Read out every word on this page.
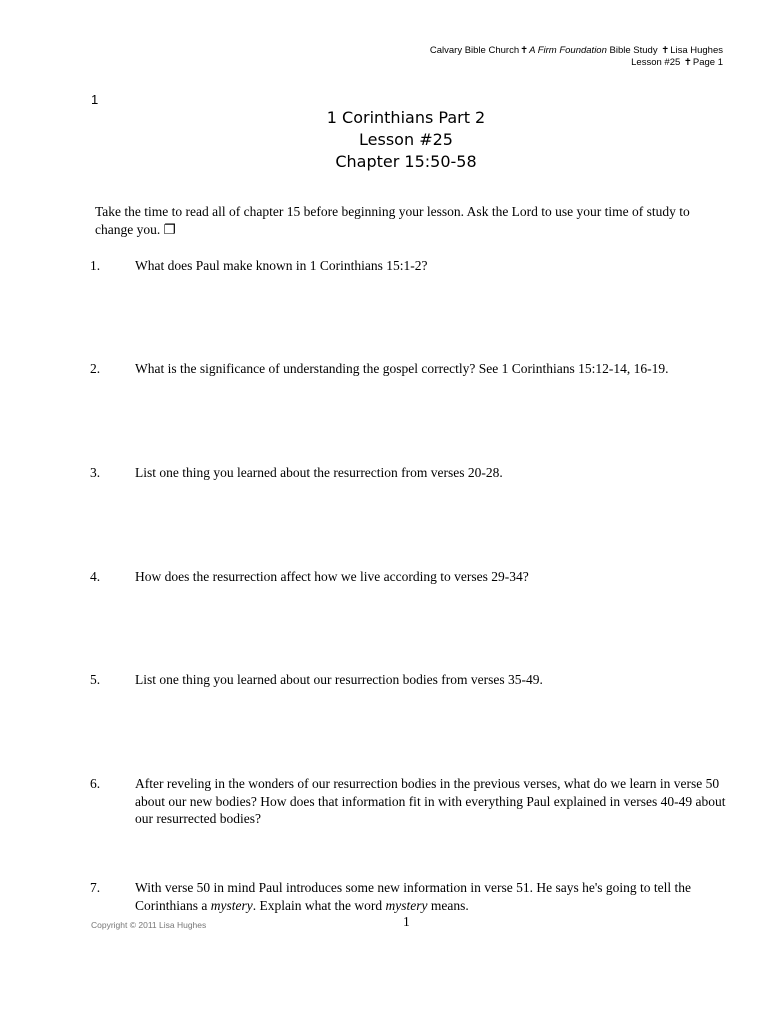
Calvary Bible Church✝A Firm Foundation Bible Study ✝Lisa Hughes
Lesson #25 ✝Page 1
1
1 Corinthians Part 2
Lesson #25
Chapter 15:50-58
Take the time to read all of chapter 15 before beginning your lesson. Ask the Lord to use your time of study to change you. ❐
1.	What does Paul make known in 1 Corinthians 15:1-2?
2.	What is the significance of understanding the gospel correctly? See 1 Corinthians 15:12-14, 16-19.
3.	List one thing you learned about the resurrection from verses 20-28.
4.	How does the resurrection affect how we live according to verses 29-34?
5.	List one thing you learned about our resurrection bodies from verses 35-49.
6.	After reveling in the wonders of our resurrection bodies in the previous verses, what do we learn in verse 50 about our new bodies? How does that information fit in with everything Paul explained in verses 40-49 about our resurrected bodies?
7.	With verse 50 in mind Paul introduces some new information in verse 51. He says he's going to tell the Corinthians a mystery. Explain what the word mystery means.
Copyright © 2011 Lisa Hughes	1
